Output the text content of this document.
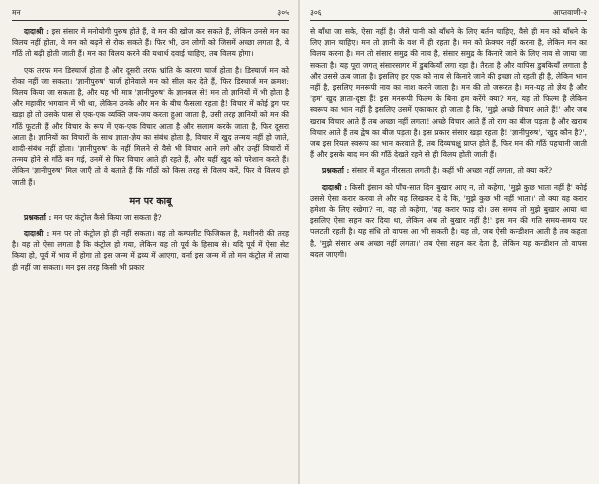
मन	३०५

दादाश्री : इस संसार में मनोयोगी पुरुष होते हैं, वे मन की खोज कर सकते हैं, लेकिन उनसे मन का विलय नहीं होता, वे मन को बढ़ने से रोक सकते हैं। फिर भी, उन लोगों को जिसमें अच्छा लगता है, वे गाँठें तो बढ़ी होती जाती हैं। मन का विलय करने की यथार्थ दवाई चाहिए, तब विलय होगा।

एक तरफ मन डिस्चार्ज होता है और दूसरी तरफ भ्रांति के कारण चार्ज होता है। डिस्चार्ज मन को रोका नहीं जा सकता। 'ज्ञानीपुरुष' चार्ज होनेवाले मन को सील कर देते हैं, फिर डिस्चार्ज मन क्रमश: विलय किया जा सकता है, और यह भी मात्र 'ज्ञानीपुरुष' के ज्ञानबल से! मन तो ज्ञानियों में भी होता है और महावीर भगवान में भी था, लेकिन उनके और मन के बीच फैसला रहता है! विचार में कोई ड्रग पर खड़ा हो तो उसके पास से एक-एक व्यक्ति जय-जय करता हुआ जाता है, उसी तरह ज्ञानियों को मन की गाँठें फूटती हैं और विचार के रूप में एक-एक विचार आता है और सलाम करके जाता है, फिर दूसरा आता है। ज्ञानियों का विचारों के साथ ज्ञाता-ज्ञेय का संबंध होता है, विचार में खुद तन्मय नहीं हो जाते, शादी-संबंध नहीं होता। 'ज्ञानीपुरुष' के नहीं मिलने से वैसे भी विचार आने लगे और उन्हीं विचारों में तन्मय होने से गाँठें बन गई, उनमें से फिर विचार आते ही रहते हैं, और यहीं खुद को परेशान करते हैं। लेकिन 'ज्ञानीपुरुष' मिल जाएँ तो वे बताते हैं कि गाँठों को किस तरह से विलय करें, फिर वे विलय हो जाती हैं।

मन पर काबू

प्रश्नकर्ता : मन पर कंट्रोल कैसे किया जा सकता है?

दादाश्री : मन पर तो कंट्रोल हो ही नहीं सकता। वह तो कम्पलीट फिजिकल है, मशीनरी की तरह है। वह तो ऐसा लगता है कि कंट्रोल हो गया, लेकिन वह तो पूर्व के हिसाब से। यदि पूर्व में ऐसा सेट किया हो, पूर्व में भाव में होगा तो इस जन्म में द्रव्य में आएगा, वर्ना इस जन्म में तो मन कंट्रोल में लाया ही नहीं जा सकता। मन इस तरह किसी भी प्रकार

३०६	आप्तवाणी-२

से बाँधा जा सके, ऐसा नहीं है। जैसे पानी को बाँधने के लिए बर्तन चाहिए, वैसे ही मन को बाँधने के लिए ज्ञान चाहिए। मन तो ज्ञानी के वश में ही रहता है। मन को फ्रेक्चर नहीं करना है, लेकिन मन का विलय करना है। मन तो संसार समुद्र की नाव है, संसार समुद्र के किनारे जाने के लिए नाव से जाया जा सकता है। यह पूरा जगत्‌ संसारसागर में डुबकियाँ लगा रहा है। तैरता है और वापिस डुबकियाँ लगाता है और उससे ऊब जाता है। इसलिए हर एक को नाव से किनारे जाने की इच्छा तो रहती ही है, लेकिन भान नहीं है, इसलिए मनरूपी नाव का नाश करने जाता है। मन की तो जरूरत है। मन-यह तो ज्ञेय है और 'हम' खुद ज्ञाता-दृष्टा हैं! इस मनरूपी फिल्म के बिना हम करेंगे क्या? मन, यह तो फिल्म है लेकिन स्वरूप का भान नहीं है इसलिए उसमें एकाकार हो जाता है कि, 'मुझे अच्छे विचार आते हैं!' और जब खराब विचार आते हैं तब अच्छा नहीं लगता! अच्छे विचार आते हैं तो राग का बीज पड़ता है और खराब विचार आते हैं तब द्वेष का बीज पड़ता है। इस प्रकार संसार खड़ा रहता है! 'ज्ञानीपुरुष', 'खुद कौन है?', जब इस रियल स्वरूप का भान करवाते हैं, तब दिव्यचक्षु प्राप्त होते हैं, फिर मन की गाँठें पहचानी जाती हैं और इसके बाद मन की गाँठें देखते रहने से ही विलय होती जाती हैं।

प्रश्नकर्ता : संसार में बहुत नीरसता लगती है। कहीं भी अच्छा नहीं लगता, तो क्या करें?

दादाश्री : किसी इंसान को पाँच-सात दिन बुखार आए न, तो कहेगा, 'मुझे कुछ भाता नहीं है' कोई उससे ऐसा करार करवा ले और वह लिखकर दे दे कि, 'मुझे कुछ भी नहीं भाता।' तो क्या वह करार हमेशा के लिए रखेगा? ना, वह तो कहेगा, 'वह करार फाड़ दो। उस समय तो मुझे बुखार आया था इसलिए ऐसा सहन कर दिया था, लेकिन अब तो बुखार नहीं है!' इस मन की गति समय-समय पर पलटती रहती है। यह संधि तो वापस आ भी सकती है। यह तो, जब ऐसी कन्डीशन आती है तब कहता है, 'मुझे संसार अब अच्छा नहीं लगता।' तब ऐसा सहन कर देता है, लेकिन यह कन्डीशन तो वापस बदल जाएगी।
